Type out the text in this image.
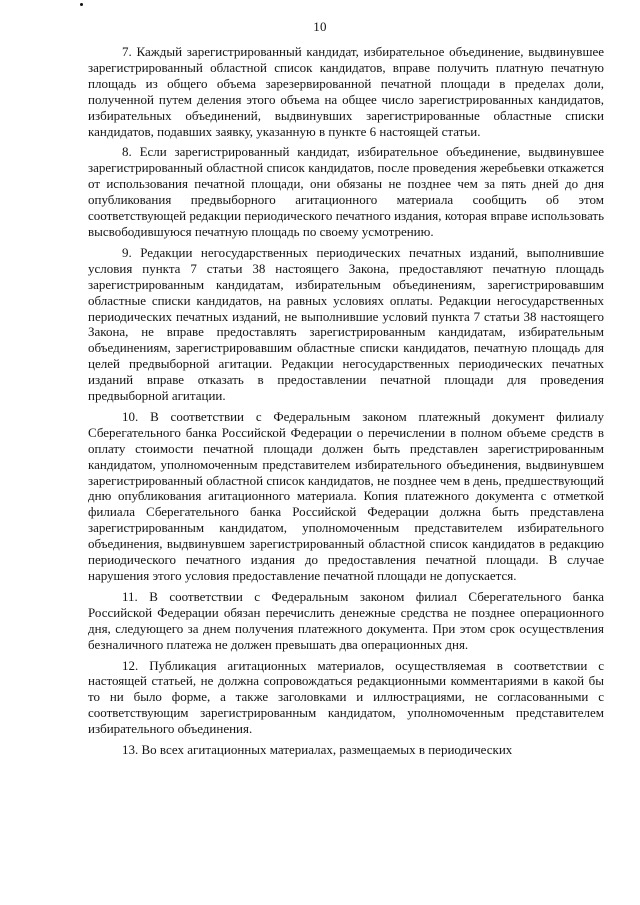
10

7. Каждый зарегистрированный кандидат, избирательное объединение, выдвинувшее зарегистрированный областной список кандидатов, вправе получить платную печатную площадь из общего объема зарезервированной печатной площади в пределах доли, полученной путем деления этого объема на общее число зарегистрированных кандидатов, избирательных объединений, выдвинувших зарегистрированные областные списки кандидатов, подавших заявку, указанную в пункте 6 настоящей статьи.

8. Если зарегистрированный кандидат, избирательное объединение, выдвинувшее зарегистрированный областной список кандидатов, после проведения жеребьевки откажется от использования печатной площади, они обязаны не позднее чем за пять дней до дня опубликования предвыборного агитационного материала сообщить об этом соответствующей редакции периодического печатного издания, которая вправе использовать высвободившуюся печатную площадь по своему усмотрению.

9. Редакции негосударственных периодических печатных изданий, выполнившие условия пункта 7 статьи 38 настоящего Закона, предоставляют печатную площадь зарегистрированным кандидатам, избирательным объединениям, зарегистрировавшим областные списки кандидатов, на равных условиях оплаты. Редакции негосударственных периодических печатных изданий, не выполнившие условий пункта 7 статьи 38 настоящего Закона, не вправе предоставлять зарегистрированным кандидатам, избирательным объединениям, зарегистрировавшим областные списки кандидатов, печатную площадь для целей предвыборной агитации. Редакции негосударственных периодических печатных изданий вправе отказать в предоставлении печатной площади для проведения предвыборной агитации.

10. В соответствии с Федеральным законом платежный документ филиалу Сберегательного банка Российской Федерации о перечислении в полном объеме средств в оплату стоимости печатной площади должен быть представлен зарегистрированным кандидатом, уполномоченным представителем избирательного объединения, выдвинувшем зарегистрированный областной список кандидатов, не позднее чем в день, предшествующий дню опубликования агитационного материала. Копия платежного документа с отметкой филиала Сберегательного банка Российской Федерации должна быть представлена зарегистрированным кандидатом, уполномоченным представителем избирательного объединения, выдвинувшем зарегистрированный областной список кандидатов в редакцию периодического печатного издания до предоставления печатной площади. В случае нарушения этого условия предоставление печатной площади не допускается.

11. В соответствии с Федеральным законом филиал Сберегательного банка Российской Федерации обязан перечислить денежные средства не позднее операционного дня, следующего за днем получения платежного документа. При этом срок осуществления безналичного платежа не должен превышать два операционных дня.

12. Публикация агитационных материалов, осуществляемая в соответствии с настоящей статьей, не должна сопровождаться редакционными комментариями в какой бы то ни было форме, а также заголовками и иллюстрациями, не согласованными с соответствующим зарегистрированным кандидатом, уполномоченным представителем избирательного объединения.

13. Во всех агитационных материалах, размещаемых в периодических
